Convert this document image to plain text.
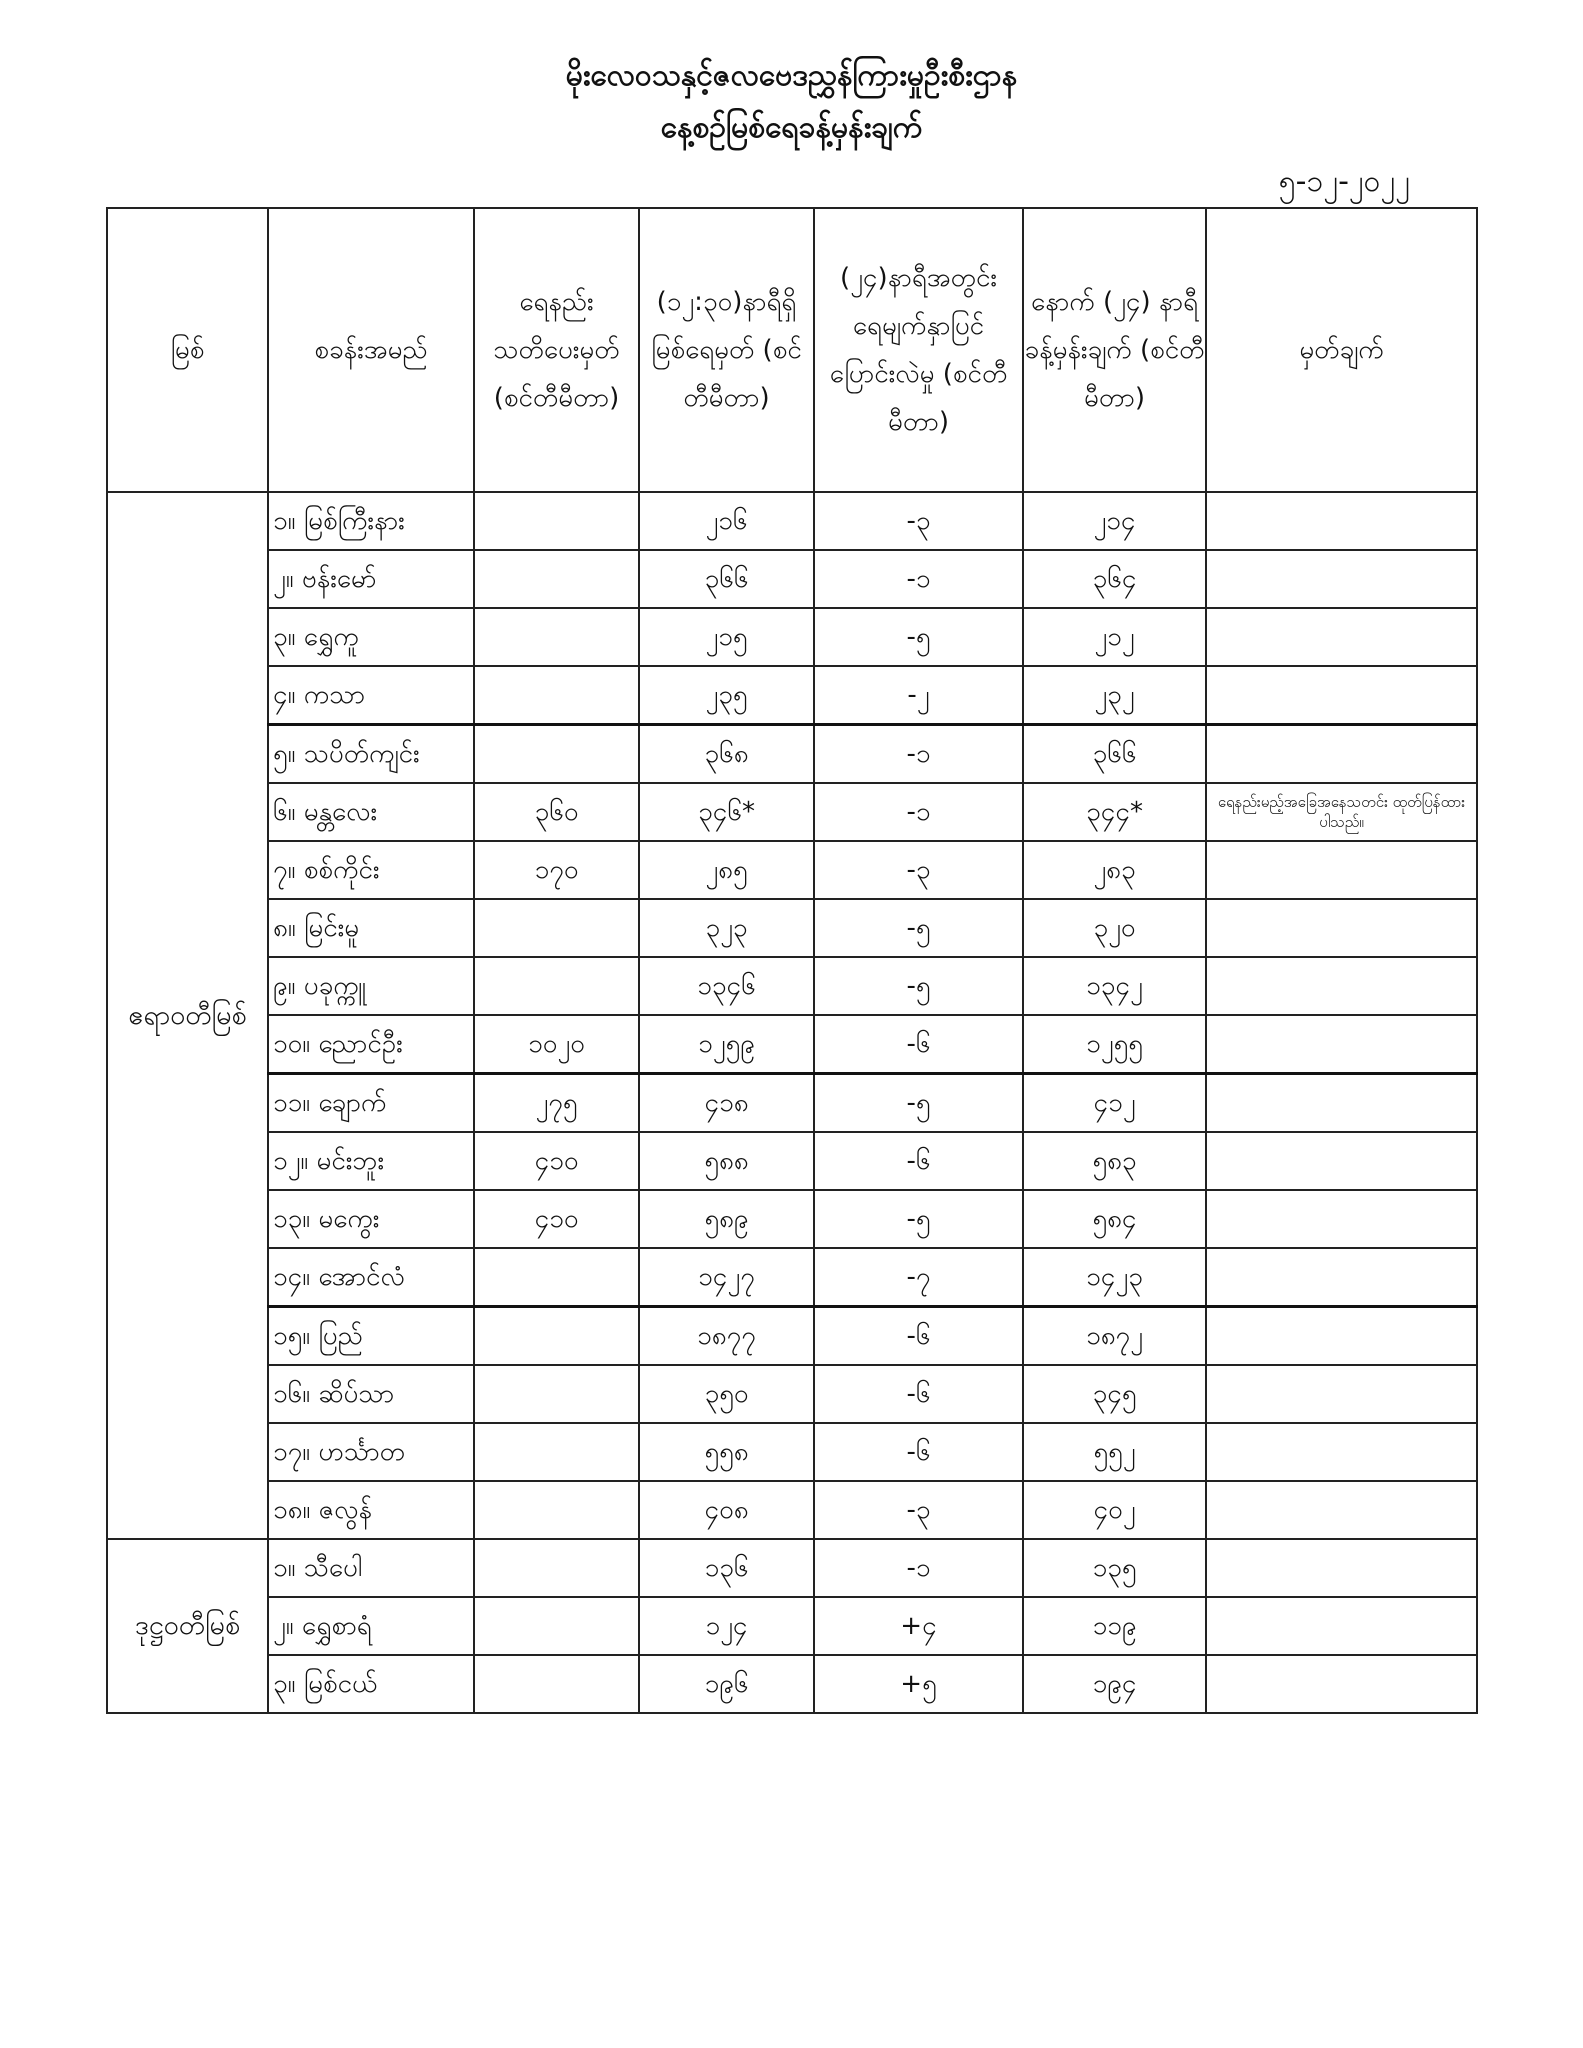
မိုးလေဝသနှင့်ဇလဗေဒညွှန်ကြားမှုဦးစီးဌာန
နေ့စဉ်မြစ်ရေခန့်မှန်းချက်
၅-၁၂-၂၀၂၂
မြစ်	စခန်းအမည်	ရေနည်း သတိပေးမှတ် (စင်တီမီတာ)	(၁၂:၃၀)နာရီရှိ မြစ်ရေမှတ် (စင်တီမီတာ)	(၂၄)နာရီအတွင်း ရေမျက်နှာပြင် ပြောင်းလဲမှု (စင်တီမီတာ)	နောက် (၂၄) နာရီ ခန့်မှန်းချက် (စင်တီမီတာ)	မှတ်ချက်
ဧရာဝတီမြစ်	၁။ မြစ်ကြီးနား		၂၁၆	-၃	၂၁၄	
	၂။ ဗန်းမော်		၃၆၆	-၁	၃၆၄	
	၃။ ရွှေကူ		၂၁၅	-၅	၂၁၂	
	၄။ ကသာ		၂၃၅	-၂	၂၃၂	
	၅။ သပိတ်ကျင်း		၃၆၈	-၁	၃၆၆	
	၆။ မန္တလေး	၃၆၀	၃၄၆*	-၁	၃၄၄*	ရေနည်းမည့်အခြေအနေသတင်း ထုတ်ပြန်ထားပါသည်။
	၇။ စစ်ကိုင်း	၁၇၀	၂၈၅	-၃	၂၈၃	
	၈။ မြင်းမူ		၃၂၃	-၅	၃၂၀	
	၉။ ပခုက္ကူ		၁၃၄၆	-၅	၁၃၄၂	
	၁၀။ ညောင်ဦး	၁၀၂၀	၁၂၅၉	-၆	၁၂၅၅	
	၁၁။ ချောက်	၂၇၅	၄၁၈	-၅	၄၁၂	
	၁၂။ မင်းဘူး	၄၁၀	၅၈၈	-၆	၅၈၃	
	၁၃။ မကွေး	၄၁၀	၅၈၉	-၅	၅၈၄	
	၁၄။ အောင်လံ		၁၄၂၇	-၇	၁၄၂၃	
	၁၅။ ပြည်		၁၈၇၇	-၆	၁၈၇၂	
	၁၆။ ဆိပ်သာ		၃၅၀	-၆	၃၄၅	
	၁၇။ ဟင်္သာတ		၅၅၈	-၆	၅၅၂	
	၁၈။ ဇလွန်		၄၀၈	-၃	၄၀၂	
ဒုဋ္ဌဝတီမြစ်	၁။ သီပေါ		၁၃၆	-၁	၁၃၅	
	၂။ ရွှေစာရံ		၁၂၄	+၄	၁၁၉	
	၃။ မြစ်ငယ်		၁၉၆	+၅	၁၉၄	
